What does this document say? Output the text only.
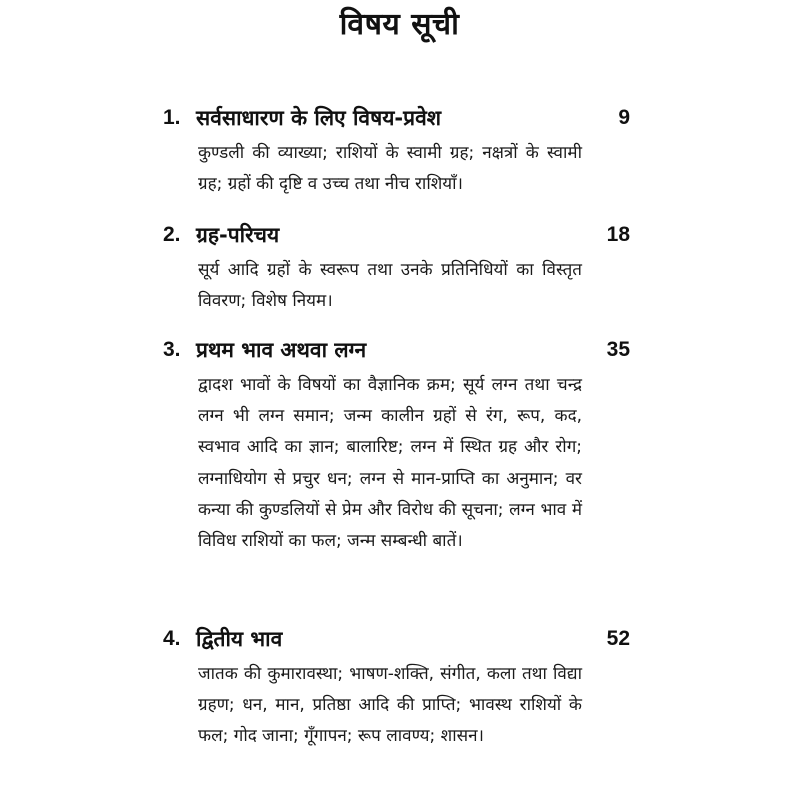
विषय सूची
1. सर्वसाधारण के लिए विषय-प्रवेश	9
कुण्डली की व्याख्या; राशियों के स्वामी ग्रह; नक्षत्रों के स्वामी ग्रह; ग्रहों की दृष्टि व उच्च तथा नीच राशियाँ।
2. ग्रह-परिचय	18
सूर्य आदि ग्रहों के स्वरूप तथा उनके प्रतिनिधियों का विस्तृत विवरण; विशेष नियम।
3. प्रथम भाव अथवा लग्न	35
द्वादश भावों के विषयों का वैज्ञानिक क्रम; सूर्य लग्न तथा चन्द्र लग्न भी लग्न समान; जन्म कालीन ग्रहों से रंग, रूप, कद, स्वभाव आदि का ज्ञान; बालारिष्ट; लग्न में स्थित ग्रह और रोग; लग्नाधियोग से प्रचुर धन; लग्न से मान-प्राप्ति का अनुमान; वर कन्या की कुण्डलियों से प्रेम और विरोध की सूचना; लग्न भाव में विविध राशियों का फल; जन्म सम्बन्धी बातें।
4. द्वितीय भाव	52
जातक की कुमारावस्था; भाषण-शक्ति, संगीत, कला तथा विद्या ग्रहण; धन, मान, प्रतिष्ठा आदि की प्राप्ति; भावस्थ राशियों के फल; गोद जाना; गूँगापन; रूप लावण्य; शासन।
